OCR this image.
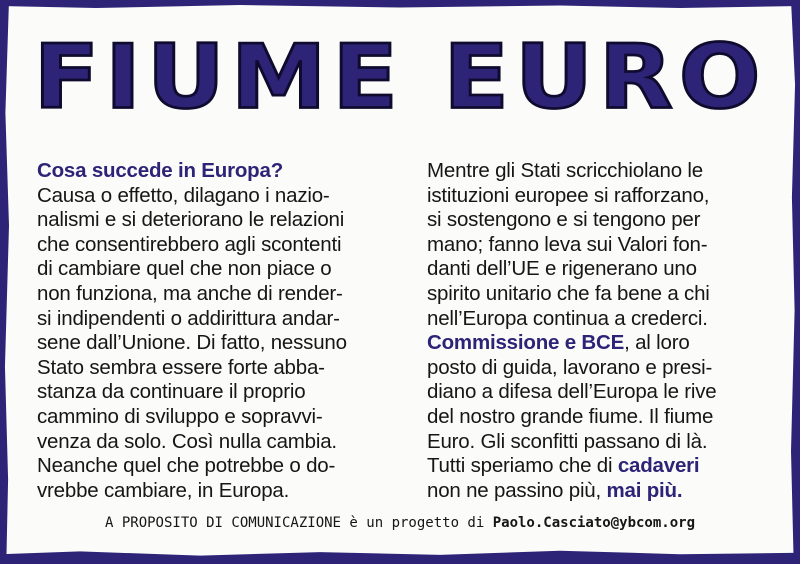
FIUME EURO
Cosa succede in Europa?
Causa o effetto, dilagano i nazio-
nalismi e si deteriorano le relazioni
che consentirebbero agli scontenti
di cambiare quel che non piace o
non funziona, ma anche di render-
si indipendenti o addirittura andar-
sene dall’Unione. Di fatto, nessuno
Stato sembra essere forte abba-
stanza da continuare il proprio
cammino di sviluppo e sopravvi-
venza da solo. Così nulla cambia.
Neanche quel che potrebbe o do-
vrebbe cambiare, in Europa.
Mentre gli Stati scricchiolano le
istituzioni europee si rafforzano,
si sostengono e si tengono per
mano; fanno leva sui Valori fon-
danti dell’UE e rigenerano uno
spirito unitario che fa bene a chi
nell’Europa continua a crederci.
Commissione e BCE, al loro
posto di guida, lavorano e presi-
diano a difesa dell’Europa le rive
del nostro grande fiume. Il fiume
Euro. Gli sconfitti passano di là.
Tutti speriamo che di cadaveri
non ne passino più, mai più.
A PROPOSITO DI COMUNICAZIONE è un progetto di Paolo.Casciato@ybcom.org
